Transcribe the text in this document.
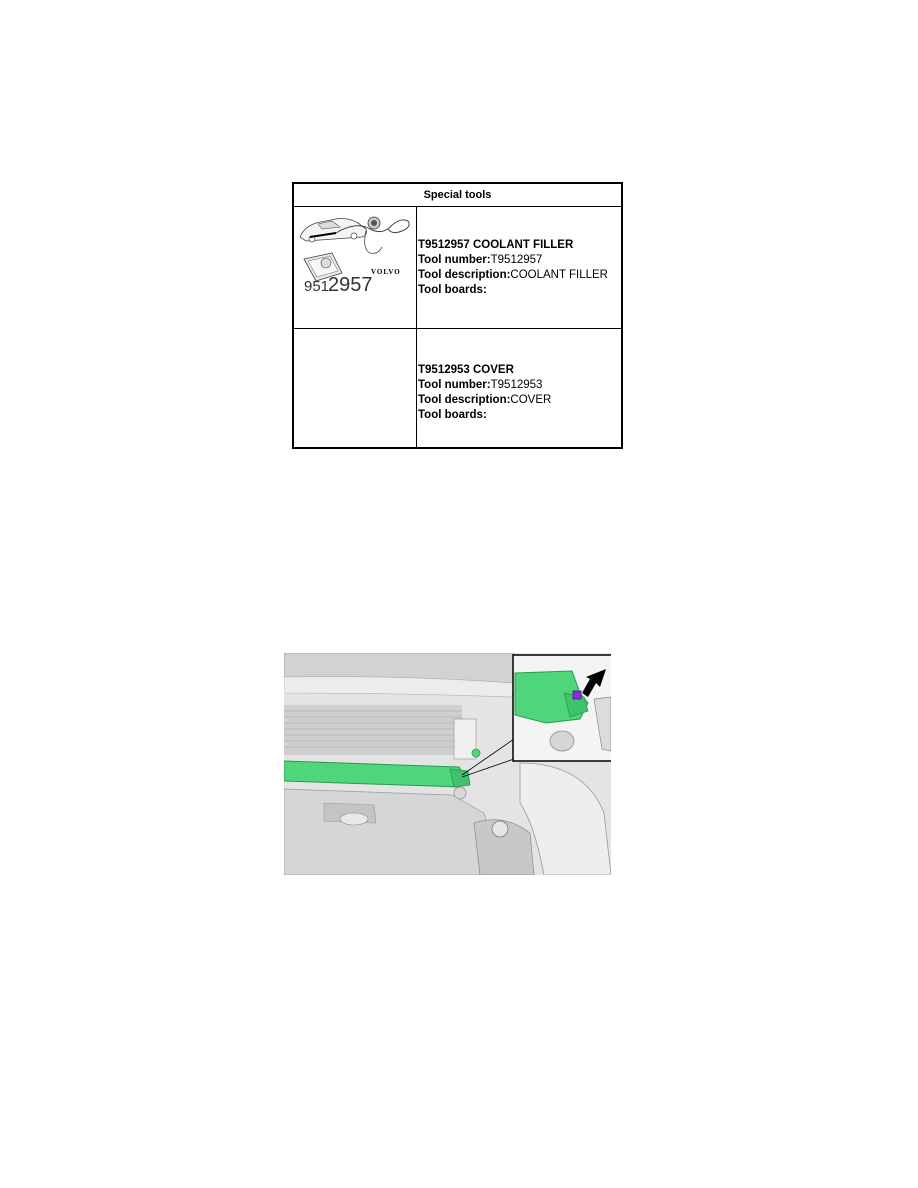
Special tools
VOLVO
951
2957
T9512957 COOLANT FILLER
Tool number:T9512957
Tool description:COOLANT FILLER
Tool boards:
T9512953 COVER
Tool number:T9512953
Tool description:COVER
Tool boards:
